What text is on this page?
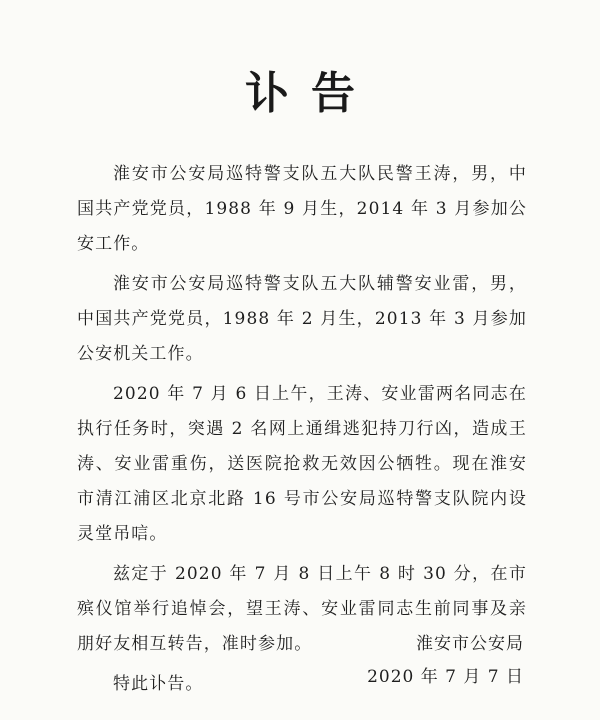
讣告

淮安市公安局巡特警支队五大队民警王涛，男，中国共产党党员，1988 年 9 月生，2014 年 3 月参加公安工作。

淮安市公安局巡特警支队五大队辅警安业雷，男，中国共产党党员，1988 年 2 月生，2013 年 3 月参加公安机关工作。

2020 年 7 月 6 日上午，王涛、安业雷两名同志在执行任务时，突遇 2 名网上通缉逃犯持刀行凶，造成王涛、安业雷重伤，送医院抢救无效因公牺牲。现在淮安市清江浦区北京北路 16 号市公安局巡特警支队院内设灵堂吊唁。

兹定于 2020 年 7 月 8 日上午 8 时 30 分，在市殡仪馆举行追悼会，望王涛、安业雷同志生前同事及亲朋好友相互转告，准时参加。

特此讣告。

淮安市公安局
2020 年 7 月 7 日
